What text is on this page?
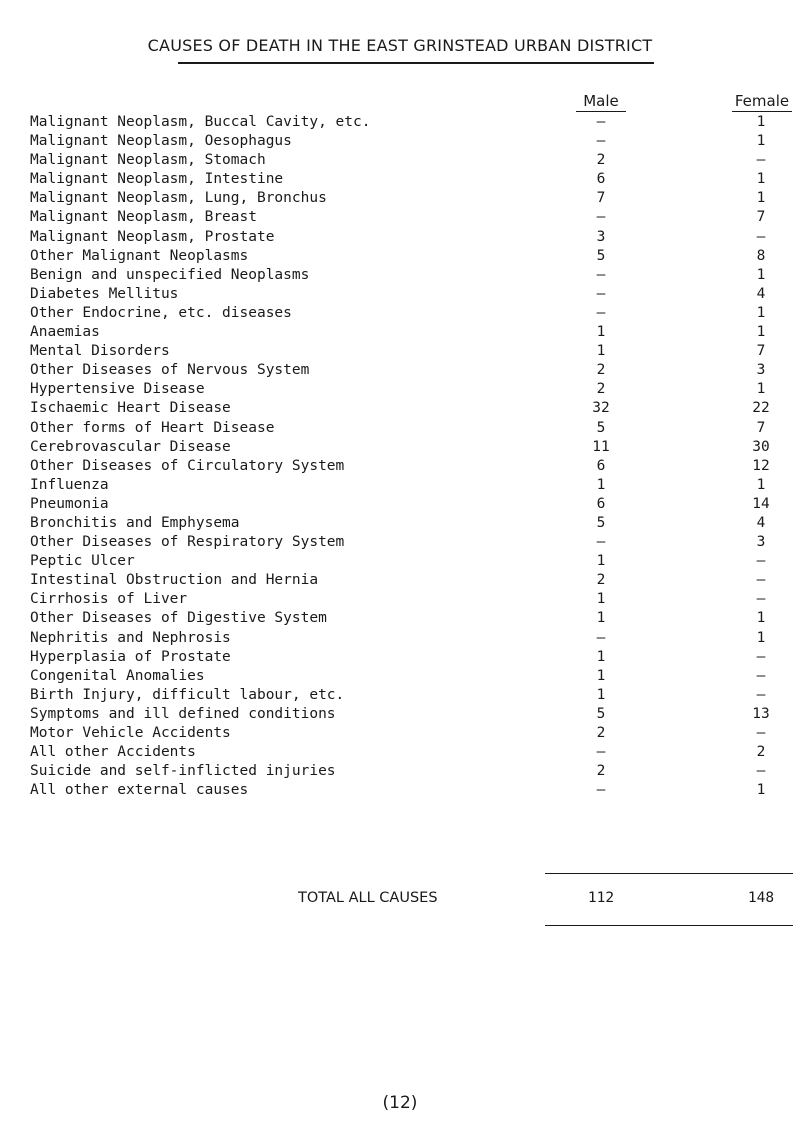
CAUSES OF DEATH IN THE EAST GRINSTEAD URBAN DISTRICT
Male	Female
Malignant Neoplasm, Buccal Cavity, etc.	–	1
Malignant Neoplasm, Oesophagus	–	1
Malignant Neoplasm, Stomach	2	–
Malignant Neoplasm, Intestine	6	1
Malignant Neoplasm, Lung, Bronchus	7	1
Malignant Neoplasm, Breast	–	7
Malignant Neoplasm, Prostate	3	–
Other Malignant Neoplasms	5	8
Benign and unspecified Neoplasms	–	1
Diabetes Mellitus	–	4
Other Endocrine, etc. diseases	–	1
Anaemias	1	1
Mental Disorders	1	7
Other Diseases of Nervous System	2	3
Hypertensive Disease	2	1
Ischaemic Heart Disease	32	22
Other forms of Heart Disease	5	7
Cerebrovascular Disease	11	30
Other Diseases of Circulatory System	6	12
Influenza	1	1
Pneumonia	6	14
Bronchitis and Emphysema	5	4
Other Diseases of Respiratory System	–	3
Peptic Ulcer	1	–
Intestinal Obstruction and Hernia	2	–
Cirrhosis of Liver	1	–
Other Diseases of Digestive System	1	1
Nephritis and Nephrosis	–	1
Hyperplasia of Prostate	1	–
Congenital Anomalies	1	–
Birth Injury, difficult labour, etc.	1	–
Symptoms and ill defined conditions	5	13
Motor Vehicle Accidents	2	–
All other Accidents	–	2
Suicide and self-inflicted injuries	2	–
All other external causes	–	1
TOTAL ALL CAUSES	112	148
(12)
